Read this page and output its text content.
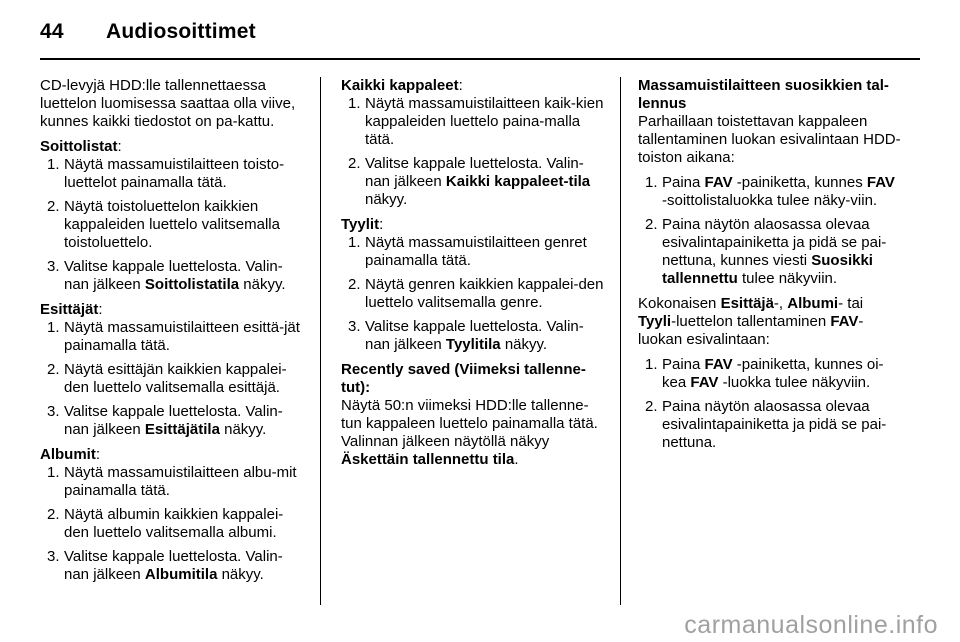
44 Audiosoittimet

CD-levyjä HDD:lle tallennettaessa luettelon luomisessa saattaa olla viive, kunnes kaikki tiedostot on pa-kattu.

Soittolistat:
1. Näytä massamuistilaitteen toisto-luettelot painamalla tätä.
2. Näytä toistoluettelon kaikkien kappaleiden luettelo valitsemalla toistoluettelo.
3. Valitse kappale luettelosta. Valin-nan jälkeen Soittolistatila näkyy.
Esittäjät:
1. Näytä massamuistilaitteen esittä-jät painamalla tätä.
2. Näytä esittäjän kaikkien kappalei-den luettelo valitsemalla esittäjä.
3. Valitse kappale luettelosta. Valin-nan jälkeen Esittäjätila näkyy.
Albumit:
1. Näytä massamuistilaitteen albu-mit painamalla tätä.
2. Näytä albumin kaikkien kappalei-den luettelo valitsemalla albumi.
3. Valitse kappale luettelosta. Valin-nan jälkeen Albumitila näkyy.
Kaikki kappaleet:
1. Näytä massamuistilaitteen kaik-kien kappaleiden luettelo paina-malla tätä.
2. Valitse kappale luettelosta. Valin-nan jälkeen Kaikki kappaleet-tila näkyy.
Tyylit:
1. Näytä massamuistilaitteen genret painamalla tätä.
2. Näytä genren kaikkien kappalei-den luettelo valitsemalla genre.
3. Valitse kappale luettelosta. Valin-nan jälkeen Tyylitila näkyy.
Recently saved (Viimeksi tallenne-tut):

Näytä 50:n viimeksi HDD:lle tallenne-tun kappaleen luettelo painamalla tätä. Valinnan jälkeen näytöllä näkyy Äskettäin tallennettu tila.

Massamuistilaitteen suosikkien tal-lennus

Parhaillaan toistettavan kappaleen tallentaminen luokan esivalintaan HDD-toiston aikana:

1. Paina FAV -painiketta, kunnes FAV -soittolistaluokka tulee näky-viin.
2. Paina näytön alaosassa olevaa esivalintapainiketta ja pidä se pai-nettuna, kunnes viesti Suosikki tallennettu tulee näkyviin.

Kokonaisen Esittäjä-, Albumi- tai Tyyli-luettelon tallentaminen FAV-luokan esivalintaan:

1. Paina FAV -painiketta, kunnes oi-kea FAV -luokka tulee näkyviin.
2. Paina näytön alaosassa olevaa esivalintapainiketta ja pidä se pai-nettuna.
carmanualsonline.info
